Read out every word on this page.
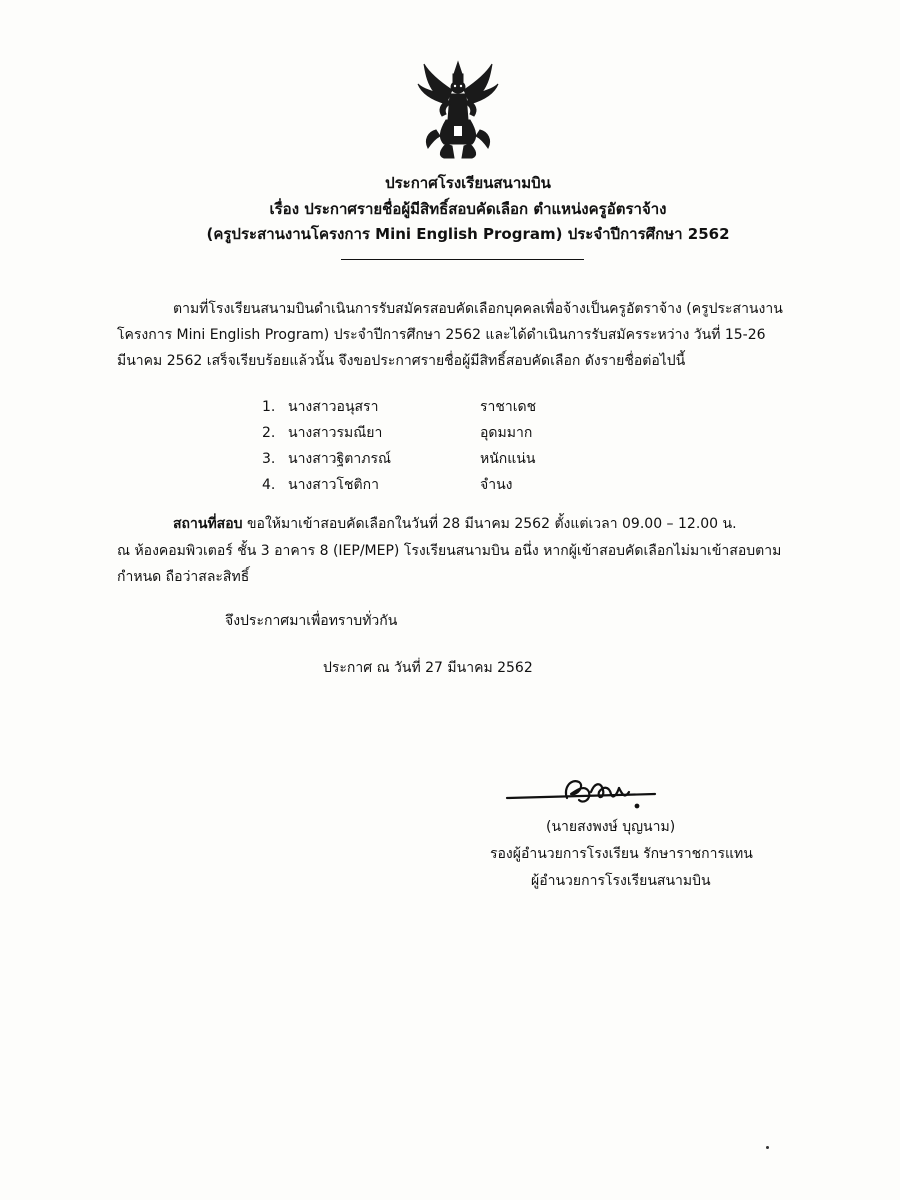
ประกาศโรงเรียนสนามบิน
เรื่อง ประกาศรายชื่อผู้มีสิทธิ์สอบคัดเลือก ตำแหน่งครูอัตราจ้าง
(ครูประสานงานโครงการ Mini English Program) ประจำปีการศึกษา 2562
ตามที่โรงเรียนสนามบินดำเนินการรับสมัครสอบคัดเลือกบุคคลเพื่อจ้างเป็นครูอัตราจ้าง (ครูประสานงาน
โครงการ Mini English Program) ประจำปีการศึกษา 2562 และได้ดำเนินการรับสมัครระหว่าง วันที่ 15-26
มีนาคม 2562 เสร็จเรียบร้อยแล้วนั้น จึงขอประกาศรายชื่อผู้มีสิทธิ์สอบคัดเลือก ดังรายชื่อต่อไปนี้
1. นางสาวอนุสรา	ราชาเดช
2. นางสาวรมณียา	อุดมมาก
3. นางสาวฐิตาภรณ์	หนักแน่น
4. นางสาวโชติกา	จำนง
สถานที่สอบ ขอให้มาเข้าสอบคัดเลือกในวันที่ 28 มีนาคม 2562 ตั้งแต่เวลา 09.00 – 12.00 น.
ณ ห้องคอมพิวเตอร์ ชั้น 3 อาคาร 8 (IEP/MEP) โรงเรียนสนามบิน อนึ่ง หากผู้เข้าสอบคัดเลือกไม่มาเข้าสอบตาม
กำหนด ถือว่าสละสิทธิ์
จึงประกาศมาเพื่อทราบทั่วกัน
ประกาศ ณ วันที่ 27 มีนาคม 2562
(นายสงพงษ์ บุญนาม)
รองผู้อำนวยการโรงเรียน รักษาราชการแทน
ผู้อำนวยการโรงเรียนสนามบิน
